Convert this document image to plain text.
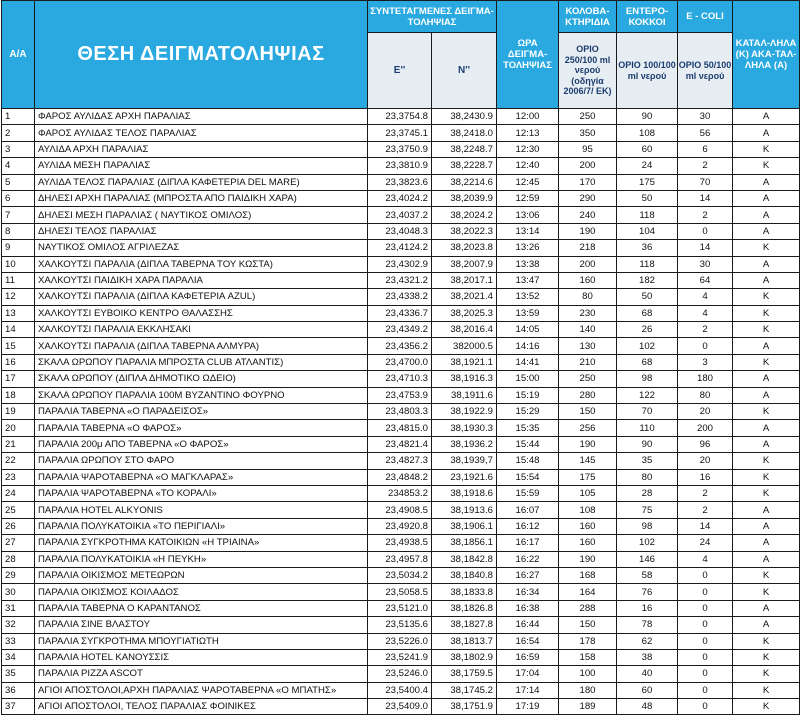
Α/Α	ΘΕΣΗ ΔΕΙΓΜΑΤΟΛΗΨΙΑΣ	ΣΥΝΤΕΤΑΓΜΕΝΕΣ ΔΕΙΓΜΑ-ΤΟΛΗΨΙΑΣ		ΩΡΑ ΔΕΙΓΜΑ-ΤΟΛΗΨΙΑΣ	ΚΟΛΟΒΑ-ΚΤΗΡΙΔΙΑ	ΕΝΤΕΡΟ-ΚΟΚΚΟΙ	Ε - COLI	ΚΑΤΑΛ-ΛΗΛΑ (Κ) ΑΚΑ-ΤΑΛ-ΛΗΛΑ (Α)
		Ε''	Ν''		ΟΡΙΟ 250/100 ml νερού (οδηγία 2006/7/ ΕΚ)	ΟΡΙΟ 100/100 ml νερού	ΟΡΙΟ 50/100 ml νερού	
1	ΦΑΡΟΣ ΑΥΛΙΔΑΣ ΑΡΧΗ ΠΑΡΑΛΙΑΣ	23,3754.8	38,2430.9	12:00	250	90	30	Α
2	ΦΑΡΟΣ ΑΥΛΙΔΑΣ ΤΕΛΟΣ ΠΑΡΑΛΙΑΣ	23,3745.1	38,2418.0	12:13	350	108	56	Α
3	ΑΥΛΙΔΑ ΑΡΧΗ ΠΑΡΑΛΙΑΣ	23,3750.9	38,2248.7	12:30	95	60	6	Κ
4	ΑΥΛΙΔΑ ΜΕΣΗ ΠΑΡΑΛΙΑΣ	23,3810.9	38,2228.7	12:40	200	24	2	Κ
5	ΑΥΛΙΔΑ ΤΕΛΟΣ ΠΑΡΑΛΙΑΣ (ΔΙΠΛΑ ΚΑΦΕΤΕΡΙΑ DEL MARE)	23,3823.6	38,2214.6	12:45	170	175	70	Α
6	ΔΗΛΕΣΙ ΑΡΧΗ ΠΑΡΑΛΙΑΣ (ΜΠΡΟΣΤΑ ΑΠΟ ΠΑΙΔΙΚΗ ΧΑΡΑ)	23,4024.2	38,2039.9	12:59	290	50	14	Α
7	ΔΗΛΕΣΙ ΜΕΣΗ ΠΑΡΑΛΙΑΣ ( ΝΑΥΤΙΚΟΣ ΟΜΙΛΟΣ)	23,4037.2	38,2024.2	13:06	240	118	2	Α
8	ΔΗΛΕΣΙ ΤΕΛΟΣ ΠΑΡΑΛΙΑΣ	23,4048.3	38,2022.3	13:14	190	104	0	Α
9	ΝΑΥΤΙΚΟΣ ΟΜΙΛΟΣ ΑΓΡΙΛΕΖΑΣ	23,4124.2	38,2023.8	13:26	218	36	14	Κ
10	ΧΑΛΚΟΥΤΣΙ ΠΑΡΑΛΙΑ (ΔΙΠΛΑ ΤΑΒΕΡΝΑ ΤΟΥ ΚΩΣΤΑ)	23,4302.9	38,2007.9	13:38	200	118	30	Α
11	ΧΑΛΚΟΥΤΣΙ ΠΑΙΔΙΚΗ ΧΑΡΑ ΠΑΡΑΛΙΑ	23,4321.2	38,2017.1	13:47	160	182	64	Α
12	ΧΑΛΚΟΥΤΣΙ ΠΑΡΑΛΙΑ (ΔΙΠΛΑ ΚΑΦΕΤΕΡΙΑ AZUL)	23,4338.2	38,2021.4	13:52	80	50	4	Κ
13	ΧΑΛΚΟΥΤΣΙ ΕΥΒΟΙΚΟ ΚΕΝΤΡΟ ΘΑΛΑΣΣΗΣ	23,4336.7	38,2025.3	13:59	230	68	4	Κ
14	ΧΑΛΚΟΥΤΣΙ ΠΑΡΑΛΙΑ ΕΚΚΛΗΣΑΚΙ	23,4349.2	38,2016.4	14:05	140	26	2	Κ
15	ΧΑΛΚΟΥΤΣΙ ΠΑΡΑΛΙΑ (ΔΙΠΛΑ ΤΑΒΕΡΝΑ ΑΛΜΥΡΑ)	23,4356.2	382000.5	14:16	130	102	0	Α
16	ΣΚΑΛΑ ΩΡΩΠΟΥ ΠΑΡΑΛΙΑ ΜΠΡΟΣΤΑ CLUB ΑΤΛΑΝΤΙΣ)	23,4700.0	38,1921.1	14:41	210	68	3	Κ
17	ΣΚΑΛΑ ΩΡΩΠΟΥ (ΔΙΠΛΑ ΔΗΜΟΤΙΚΟ ΩΔΕΙΟ)	23,4710.3	38,1916.3	15:00	250	98	180	Α
18	ΣΚΑΛΑ ΩΡΩΠΟΥ ΠΑΡΑΛΙΑ 100Μ ΒΥΖΑΝΤΙΝΟ ΦΟΥΡΝΟ	23,4753.9	38,1911.6	15:19	280	122	80	Α
19	ΠΑΡΑΛΙΑ ΤΑΒΕΡΝΑ «Ο ΠΑΡΑΔΕΙΣΟΣ»	23,4803.3	38,1922.9	15:29	150	70	20	Κ
20	ΠΑΡΑΛΙΑ ΤΑΒΕΡΝΑ «Ο ΦΑΡΟΣ»	23,4815.0	38,1930.3	15:35	256	110	200	Α
21	ΠΑΡΑΛΙΑ 200μ ΑΠΟ ΤΑΒΕΡΝΑ «Ο ΦΑΡΟΣ»	23,4821.4	38,1936.2	15:44	190	90	96	Α
22	ΠΑΡΑΛΙΑ ΩΡΩΠΟΥ ΣΤΟ ΦΑΡΟ	23,4827.3	38,1939,7	15:48	145	35	20	Κ
23	ΠΑΡΑΛΙΑ ΨΑΡΟΤΑΒΕΡΝΑ «Ο ΜΑΓΚΛΑΡΑΣ»	23,4848.2	23,1921.6	15:54	175	80	16	Κ
24	ΠΑΡΑΛΙΑ ΨΑΡΟΤΑΒΕΡΝΑ «ΤΟ ΚΟΡΑΛΙ»	234853.2	38,1918.6	15:59	105	28	2	Κ
25	ΠΑΡΑΛΙΑ HOTEL ALKYONIS	23,4908.5	38,1913.6	16:07	108	75	2	Α
26	ΠΑΡΑΛΙΑ ΠΟΛΥΚΑΤΟΙΚΙΑ «ΤΟ ΠΕΡΙΓΙΑΛΙ»	23,4920.8	38,1906.1	16:12	160	98	14	Α
27	ΠΑΡΑΛΙΑ ΣΥΓΚΡΟΤΗΜΑ ΚΑΤΟΙΚΙΩΝ «Η ΤΡΙΑΙΝΑ»	23,4938.5	38,1856.1	16:17	160	102	24	Α
28	ΠΑΡΑΛΙΑ ΠΟΛΥΚΑΤΟΙΚΙΑ «Η ΠΕΥΚΗ»	23,4957.8	38,1842.8	16:22	190	146	4	Α
29	ΠΑΡΑΛΙΑ ΟΙΚΙΣΜΟΣ ΜΕΤΕΩΡΩΝ	23,5034.2	38,1840.8	16:27	168	58	0	Κ
30	ΠΑΡΑΛΙΑ ΟΙΚΙΣΜΟΣ ΚΟΙΛΑΔΟΣ	23,5058.5	38,1833.8	16:34	164	76	0	Κ
31	ΠΑΡΑΛΙΑ ΤΑΒΕΡΝΑ Ο ΚΑΡΑΝΤΑΝΟΣ	23,5121.0	38,1826.8	16:38	288	16	0	Α
32	ΠΑΡΑΛΙΑ ΣΙΝΕ ΒΛΑΣΤΟΥ	23,5135.6	38,1827.8	16:44	150	78	0	Α
33	ΠΑΡΑΛΙΑ ΣΥΓΚΡΟΤΗΜΑ ΜΠΟΥΓΙΑΤΙΩΤΗ	23,5226.0	38,1813.7	16:54	178	62	0	Κ
34	ΠΑΡΑΛΙΑ HOTEL ΚΑΝΟΥΣΣΙΣ	23,5241.9	38,1802.9	16:59	158	38	0	Κ
35	ΠΑΡΑΛΙΑ PIZZA ASCOT	23,5246.0	38,1759.5	17:04	100	40	0	Κ
36	ΑΓΙΟΙ ΑΠΟΣΤΟΛΟΙ,ΑΡΧΗ ΠΑΡΑΛΙΑΣ ΨΑΡΟΤΑΒΕΡΝΑ «Ο ΜΠΑΤΗΣ»	23,5400.4	38,1745.2	17:14	180	60	0	Κ
37	ΑΓΙΟΙ ΑΠΟΣΤΟΛΟΙ, ΤΕΛΟΣ ΠΑΡΑΛΙΑΣ ΦΟΙΝΙΚΕΣ	23,5409.0	38,1751.9	17:19	189	48	0	Κ
